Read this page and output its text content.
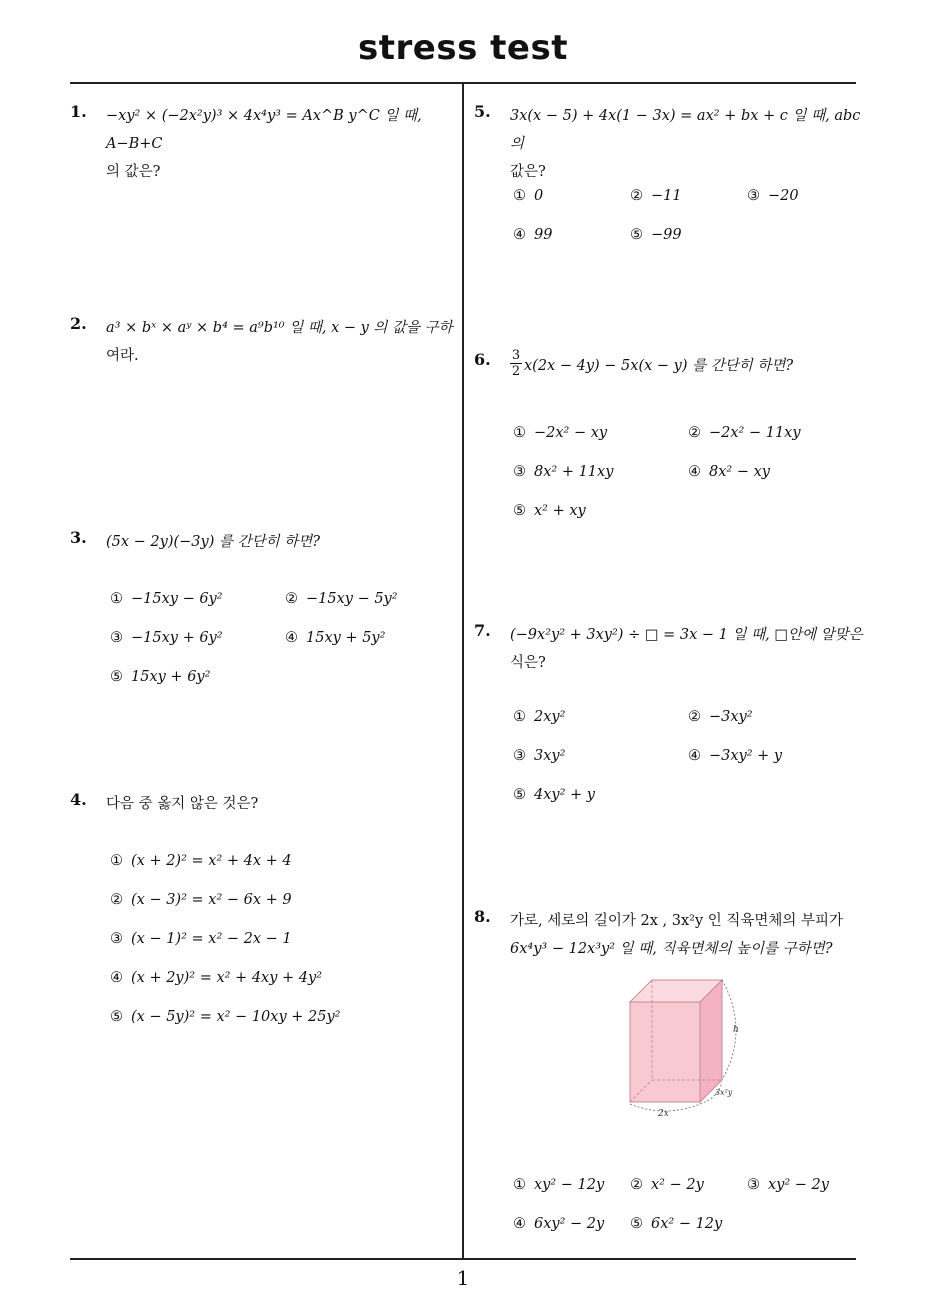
stress test
1
1. −xy² × (−2x²y)³ × 4x⁴y³ = Ax^B y^C 일 때, A−B+C
의 값은?
2. a³ × bˣ × aʸ × b⁴ = a⁹b¹⁰ 일 때, x − y 의 값을 구하
여라.
3. (5x − 2y)(−3y) 를 간단히 하면?
① −15xy − 6y²	② −15xy − 5y²
③ −15xy + 6y²	④ 15xy + 5y²
⑤ 15xy + 6y²
4. 다음 중 옳지 않은 것은?
① (x + 2)² = x² + 4x + 4
② (x − 3)² = x² − 6x + 9
③ (x − 1)² = x² − 2x − 1
④ (x + 2y)² = x² + 4xy + 4y²
⑤ (x − 5y)² = x² − 10xy + 25y²
5. 3x(x − 5) + 4x(1 − 3x) = ax² + bx + c 일 때, abc 의
값은?
① 0	② −11	③ −20
④ 99	⑤ −99
6. 3
2 x(2x − 4y) − 5x(x − y) 를 간단히 하면?
① −2x² − xy	② −2x² − 11xy
③ 8x² + 11xy	④ 8x² − xy
⑤ x² + xy
7. (−9x²y² + 3xy²) ÷ □ = 3x − 1 일 때, □안에 알맞은
식은?
① 2xy²	② −3xy²
③ 3xy²	④ −3xy² + y
⑤ 4xy² + y
8. 가로, 세로의 길이가 2x , 3x²y 인 직육면체의 부피가
6x⁴y³ − 12x³y² 일 때, 직육면체의 높이를 구하면?
h
2x
3x²y
① xy² − 12y ② x² − 2y	③ xy² − 2y
④ 6xy² − 2y ⑤ 6x² − 12y
